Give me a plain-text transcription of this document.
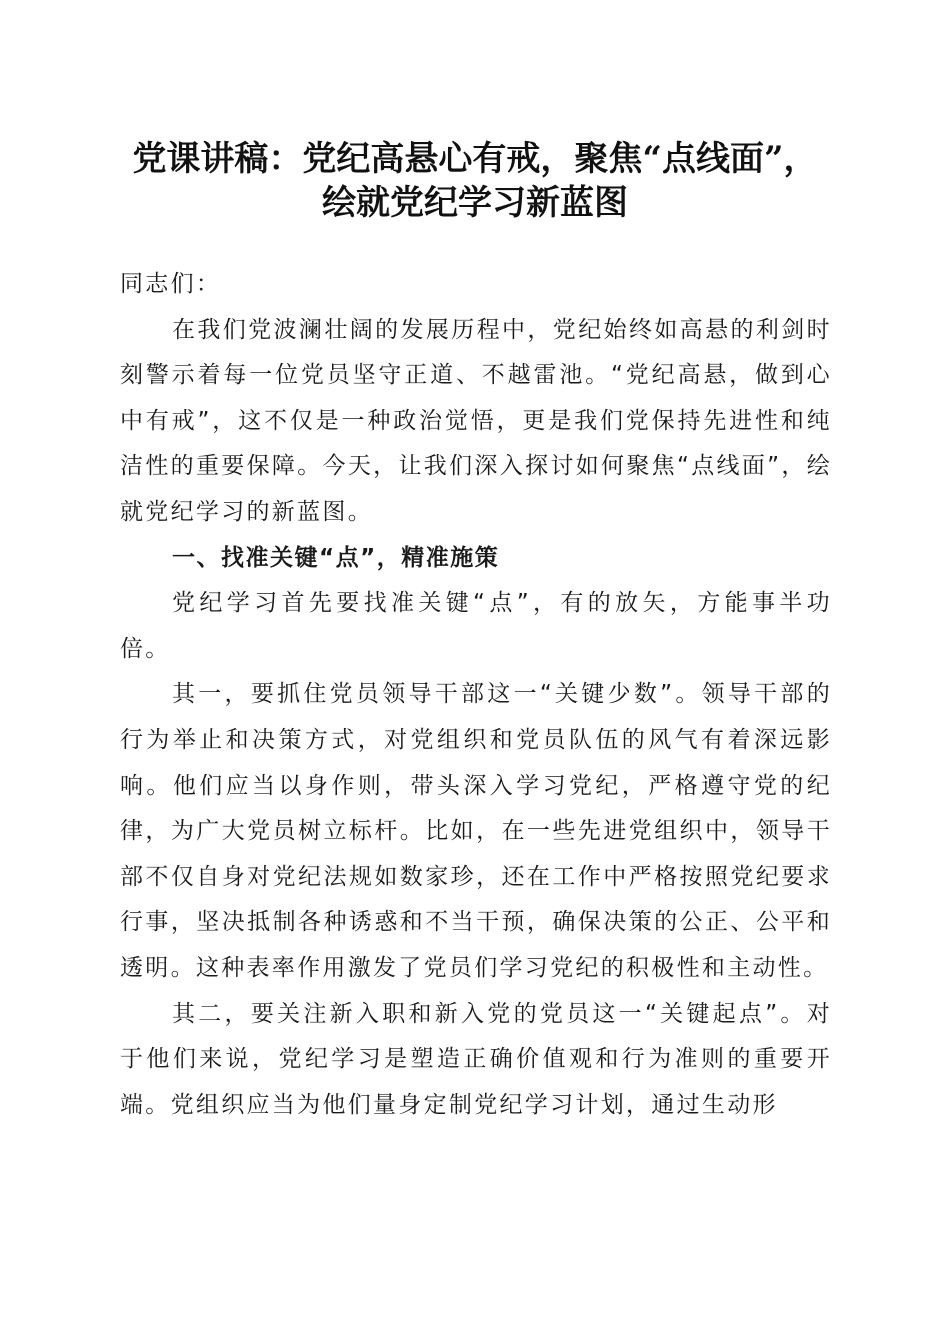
党课讲稿：党纪高悬心有戒，聚焦“点线面”，
绘就党纪学习新蓝图

同志们：

在我们党波澜壮阔的发展历程中，党纪始终如高悬的利剑时刻警示着每一位党员坚守正道、不越雷池。“党纪高悬，做到心中有戒”，这不仅是一种政治觉悟，更是我们党保持先进性和纯洁性的重要保障。今天，让我们深入探讨如何聚焦“点线面”，绘就党纪学习的新蓝图。

一、找准关键“点”，精准施策

党纪学习首先要找准关键“点”，有的放矢，方能事半功倍。

其一，要抓住党员领导干部这一“关键少数”。领导干部的行为举止和决策方式，对党组织和党员队伍的风气有着深远影响。他们应当以身作则，带头深入学习党纪，严格遵守党的纪律，为广大党员树立标杆。比如，在一些先进党组织中，领导干部不仅自身对党纪法规如数家珍，还在工作中严格按照党纪要求行事，坚决抵制各种诱惑和不当干预，确保决策的公正、公平和透明。这种表率作用激发了党员们学习党纪的积极性和主动性。

其二，要关注新入职和新入党的党员这一“关键起点”。对于他们来说，党纪学习是塑造正确价值观和行为准则的重要开端。党组织应当为他们量身定制党纪学习计划，通过生动形
